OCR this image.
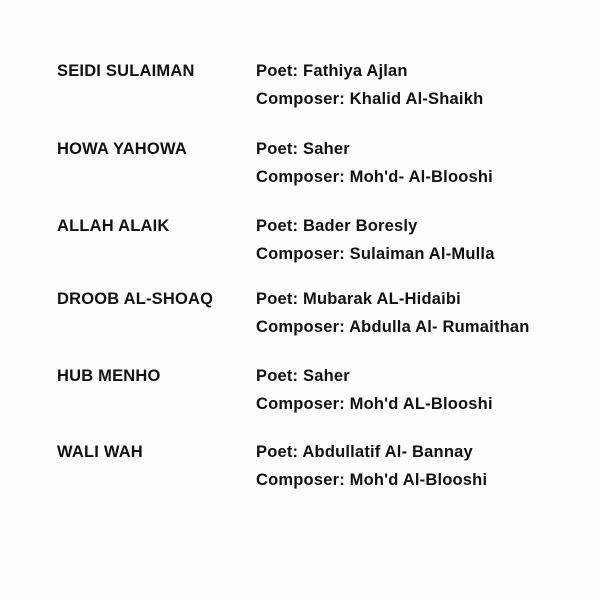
SEIDI SULAIMAN	Poet: Fathiya Ajlan
Composer: Khalid Al-Shaikh
HOWA YAHOWA	Poet: Saher
Composer: Moh'd- Al-Blooshi
ALLAH ALAIK	Poet: Bader Boresly
Composer: Sulaiman Al-Mulla
DROOB AL-SHOAQ	Poet: Mubarak AL-Hidaibi
Composer: Abdulla Al- Rumaithan
HUB MENHO	Poet: Saher
Composer: Moh'd AL-Blooshi
WALI WAH	Poet: Abdullatif Al- Bannay
Composer: Moh'd Al-Blooshi
